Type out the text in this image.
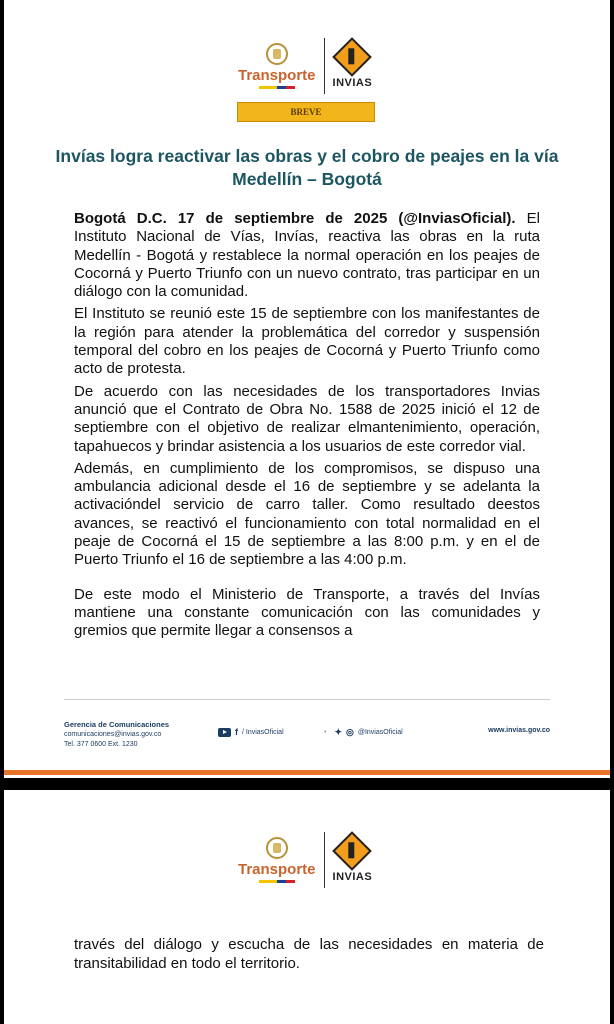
Transporte INVIAS
BREVE
Invías logra reactivar las obras y el cobro de peajes en la vía Medellín – Bogotá

Bogotá D.C. 17 de septiembre de 2025 (@InviasOficial). El Instituto Nacional de Vías, Invías, reactiva las obras en la ruta Medellín - Bogotá y restablece la normal operación en los peajes de Cocorná y Puerto Triunfo con un nuevo contrato, tras participar en un diálogo con la comunidad.

El Instituto se reunió este 15 de septiembre con los manifestantes de la región para atender la problemática del corredor y suspensión temporal del cobro en los peajes de Cocorná y Puerto Triunfo como acto de protesta.

De acuerdo con las necesidades de los transportadores Invias anunció que el Contrato de Obra No. 1588 de 2025 inició el 12 de septiembre con el objetivo de realizar elmantenimiento, operación, tapahuecos y brindar asistencia a los usuarios de este corredor vial.

Además, en cumplimiento de los compromisos, se dispuso una ambulancia adicional desde el 16 de septiembre y se adelanta la activacióndel servicio de carro taller. Como resultado deestos avances, se reactivó el funcionamiento con total normalidad en el peaje de Cocorná el 15 de septiembre a las 8:00 p.m. y en el de Puerto Triunfo el 16 de septiembre a las 4:00 p.m.

De este modo el Ministerio de Transporte, a través del Invías mantiene una constante comunicación con las comunidades y gremios que permite llegar a consensos a

Gerencia de Comunicaciones
comunicaciones@invias.gov.co
Tel. 377 0600 Ext. 1230
f / InviasOficial	• ✦ ◎ @InviasOficial	www.invias.gov.co
Transporte INVIAS
través del diálogo y escucha de las necesidades en materia de transitabilidad en todo el territorio.
